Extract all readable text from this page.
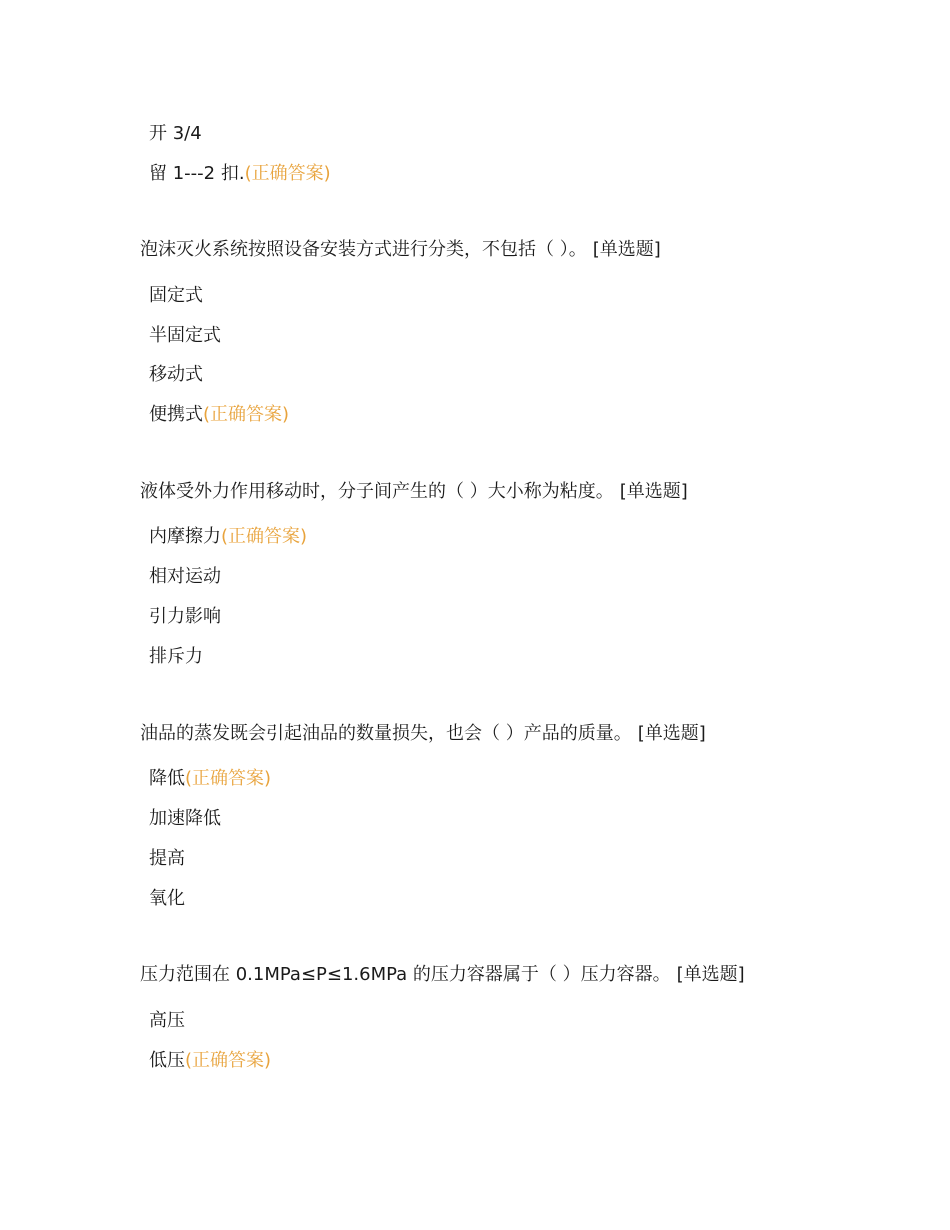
开 3/4
留 1---2 扣.(正确答案)
泡沫灭火系统按照设备安装方式进行分类，不包括（ ）。 [单选题]
固定式
半固定式
移动式
便携式(正确答案)
液体受外力作用移动时，分子间产生的（ ）大小称为粘度。 [单选题]
内摩擦力(正确答案)
相对运动
引力影响
排斥力
油品的蒸发既会引起油品的数量损失，也会（ ）产品的质量。 [单选题]
降低(正确答案)
加速降低
提高
氧化
压力范围在 0.1MPa≤P≤1.6MPa 的压力容器属于（ ）压力容器。 [单选题]
高压
低压(正确答案)
